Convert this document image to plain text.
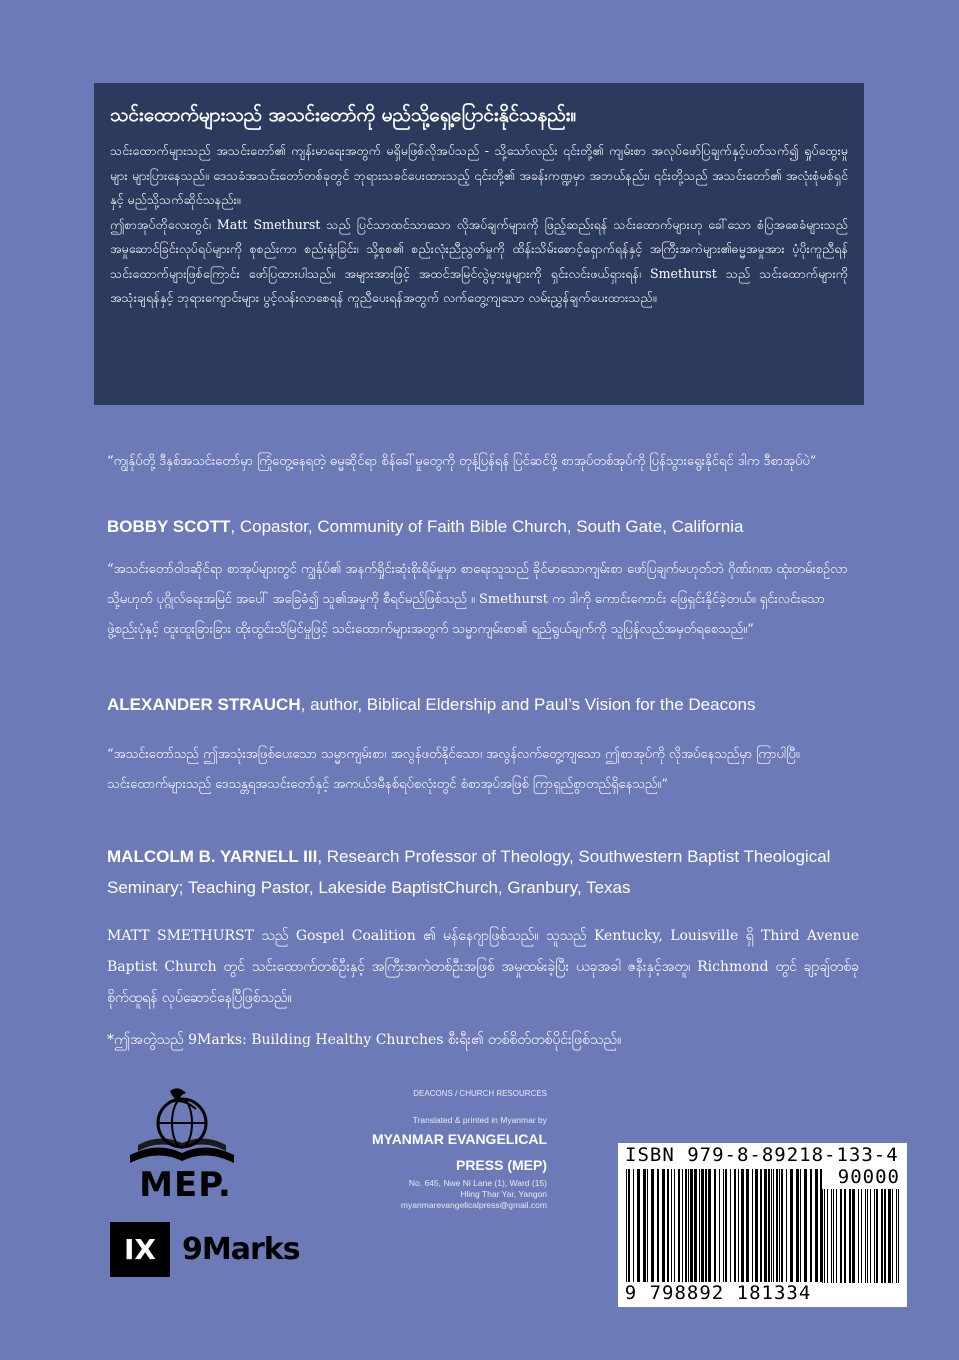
သင်းထောက်များသည် အသင်းတော်ကို မည်သို့ရှေ့ပြောင်းနိုင်သနည်း။

သင်းထောက်များသည် အသင်းတော်၏ ကျန်းမာရေးအတွက် မရှိမဖြစ်လိုအပ်သည် - သို့သော်လည်း ၎င်းတို့၏ ကျမ်းစာ အလုပ်ဖော်ပြချက်နှင့်ပတ်သက်၍ ရှုပ်ထွေးမှုများ များပြားနေသည်။ ဒေသခံအသင်းတော်တစ်ခုတွင် ဘုရားသခင်ပေးထားသည့် ၎င်းတို့၏ အခန်းကဏ္ဍမှာ အဘယ်နည်း၊ ၎င်းတို့သည် အသင်းတော်၏ အလုံးစုံမစ်ရှင်နှင့် မည်သို့သက်ဆိုင်သနည်း။

ဤစာအုပ်တိုလေးတွင်၊ Matt Smethurst သည် ပြင်သာထင်သာသော လိုအပ်ချက်များကို ဖြည့်ဆည်းရန် သင်းထောက်များဟု ခေါ်သော စံပြအစေခံများသည် အမှုဆောင်ခြင်းလုပ်ရပ်များကို စုစည်းကာ စည်းရုံးခြင်း၊ သို့စုစ၏ စည်းလုံးညီညွတ်မှုကို ထိန်းသိမ်းစောင့်ရှောက်ရန်နှင့် အကြီးအကဲများ၏ဓမ္မအမှုအား ပံ့ပိုးကူညီရန် သင်းထောက်များဖြစ်ကြောင်း ဖော်ပြထားပါသည်။ အများအားဖြင့် အထင်အမြင်လွဲမှားမှုများကို ရှင်းလင်းဖယ်ရှားရန်၊ Smethurst သည် သင်းထောက်များကို အသုံးချရန်နှင့် ဘုရားကျောင်းများ ပွင့်လန်းလာစေရန် ကူညီပေးရန်အတွက် လက်တွေ့ကျသော လမ်းညွှန်ချက်ပေးထားသည်။

“ကျွန်ုပ်တို့ ဒီနှစ်အသင်းတော်မှာ ကြုံတွေ့နေရတဲ့ ဓမ္မဆိုင်ရာ စိန်ခေါ်မှုတွေကို တုန့်ပြန်ရန် ပြင်ဆင်ဖို့ စာအုပ်တစ်အုပ်ကို ပြန်သွားရွေးနိုင်ရင် ဒါက ဒီစာအုပ်ပဲ”

BOBBY SCOTT, Copastor, Community of Faith Bible Church, South Gate, California

“အသင်းတော်ဝါဒဆိုင်ရာ စာအုပ်များတွင် ကျွန်ုပ်၏ အနက်ရှိုင်းဆုံးစိုးရိမ်မှုမှာ စာရေးသူသည် ခိုင်မာသောကျမ်းစာ ဖော်ပြချက်မဟုတ်ဘဲ ဂိုဏ်းဂဏ ထုံးတမ်းစဉ်လာ သို့မဟုတ် ပုဂ္ဂိုလ်ရေးအမြင် အပေါ် အခြေခံ၍ သူ၏အမှုကို စီရင်မည်ဖြစ်သည် ။ Smethurst က ဒါကို ကောင်းကောင်း ဖြေရှင်းနိုင်ခဲ့တယ်။ ရှင်းလင်းသော ဖွဲ့စည်းပုံနှင့် ထူးထူးခြားခြား ထိုးထွင်းသိမြင်မှုဖြင့် သင်းထောက်များအတွက် သမ္မာကျမ်းစာ၏ ရည်ရွယ်ချက်ကို သူပြန်လည်အမှတ်ရစေသည်။”

ALEXANDER STRAUCH, author, Biblical Eldership and Paul’s Vision for the Deacons

“အသင်းတော်သည် ဤအသုံးအဖြစ်ပေးသော သမ္မာကျမ်းစာ၊ အလွန်ဖတ်နိုင်သော၊ အလွန်လက်တွေ့ကျသော ဤစာအုပ်ကို လိုအပ်နေသည်မှာ ကြာပါပြီ။ သင်းထောက်များသည် ဒေသန္တရအသင်းတော်နှင့် အကယ်ဒမီနစ်ရပ်စလုံးတွင် စံစာအုပ်အဖြစ် ကြာရှည်စွာတည်ရှိနေသည်။”

MALCOLM B. YARNELL III, Research Professor of Theology, Southwestern Baptist Theological Seminary; Teaching Pastor, Lakeside BaptistChurch, Granbury, Texas

MATT SMETHURST သည် Gospel Coalition ၏ မန်နေဂျာဖြစ်သည်။ သူသည် Kentucky, Louisville ရှိ Third Avenue Baptist Church တွင် သင်းထောက်တစ်ဦးနှင့် အကြီးအကဲတစ်ဦးအဖြစ် အမှုထမ်းခဲ့ပြီး ယခုအခါ ဇနီးနှင့်အတူ၊ Richmond တွင် ချာ့ချ်တစ်ခု စိုက်ထူရန် လုပ်ဆောင်နေပြီဖြစ်သည်။

*ဤအတွဲသည် 9Marks: Building Healthy Churches စီးရီး၏ တစ်စိတ်တစ်ပိုင်းဖြစ်သည်။

MEP.
IX 9Marks
DEACONS / CHURCH RESOURCES
Translated & printed in Myanmar by
MYANMAR EVANGELICAL PRESS (MEP)
No. 645, Nwe Ni Lane (1), Ward (15)
Hling Thar Yar, Yangon
myanmarevangelicalpress@gmail.com
ISBN 979-8-89218-133-4
90000
9 798892 181334
